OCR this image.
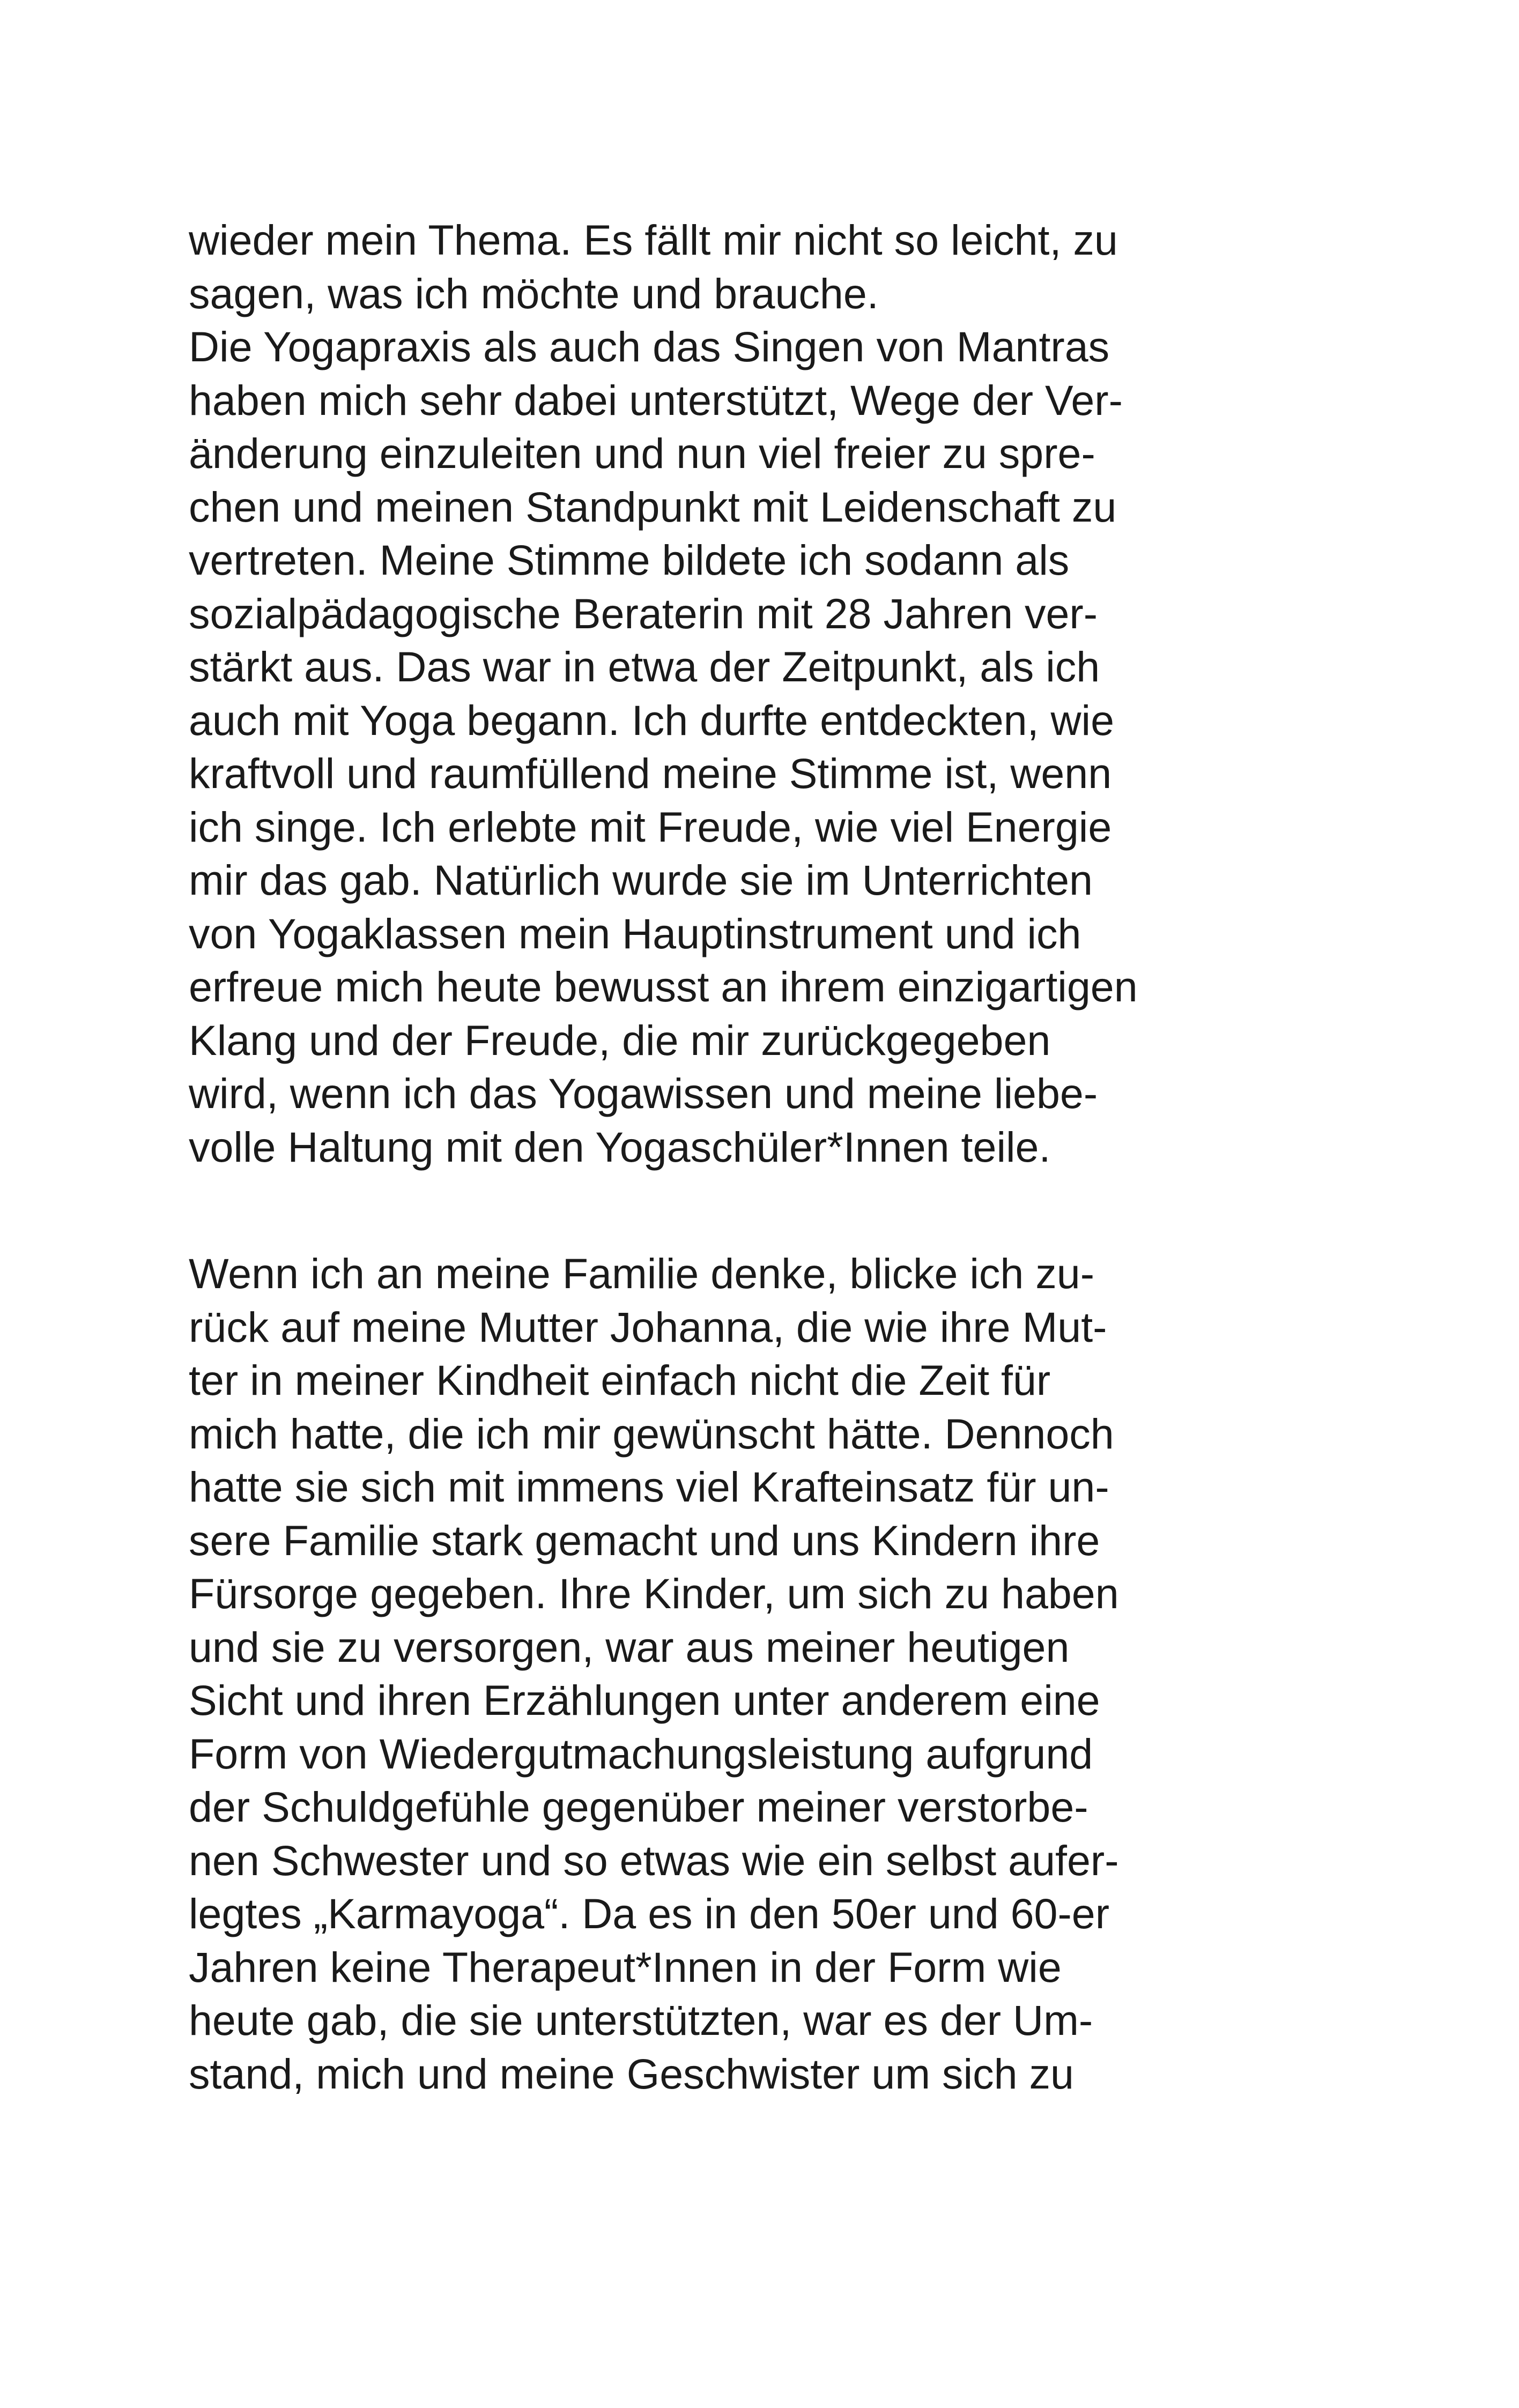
wieder mein Thema. Es fällt mir nicht so leicht, zu
sagen, was ich möchte und brauche.
Die Yogapraxis als auch das Singen von Mantras
haben mich sehr dabei unterstützt, Wege der Ver-
änderung einzuleiten und nun viel freier zu spre-
chen und meinen Standpunkt mit Leidenschaft zu
vertreten. Meine Stimme bildete ich sodann als
sozialpädagogische Beraterin mit 28 Jahren ver-
stärkt aus. Das war in etwa der Zeitpunkt, als ich
auch mit Yoga begann. Ich durfte entdeckten, wie
kraftvoll und raumfüllend meine Stimme ist, wenn
ich singe. Ich erlebte mit Freude, wie viel Energie
mir das gab. Natürlich wurde sie im Unterrichten
von Yogaklassen mein Hauptinstrument und ich
erfreue mich heute bewusst an ihrem einzigartigen
Klang und der Freude, die mir zurückgegeben
wird, wenn ich das Yogawissen und meine liebe-
volle Haltung mit den Yogaschüler*Innen teile.
Wenn ich an meine Familie denke, blicke ich zu-
rück auf meine Mutter Johanna, die wie ihre Mut-
ter in meiner Kindheit einfach nicht die Zeit für
mich hatte, die ich mir gewünscht hätte. Dennoch
hatte sie sich mit immens viel Krafteinsatz für un-
sere Familie stark gemacht und uns Kindern ihre
Fürsorge gegeben. Ihre Kinder, um sich zu haben
und sie zu versorgen, war aus meiner heutigen
Sicht und ihren Erzählungen unter anderem eine
Form von Wiedergutmachungsleistung aufgrund
der Schuldgefühle gegenüber meiner verstorbe-
nen Schwester und so etwas wie ein selbst aufer-
legtes „Karmayoga“. Da es in den 50er und 60-er
Jahren keine Therapeut*Innen in der Form wie
heute gab, die sie unterstützten, war es der Um-
stand, mich und meine Geschwister um sich zu
